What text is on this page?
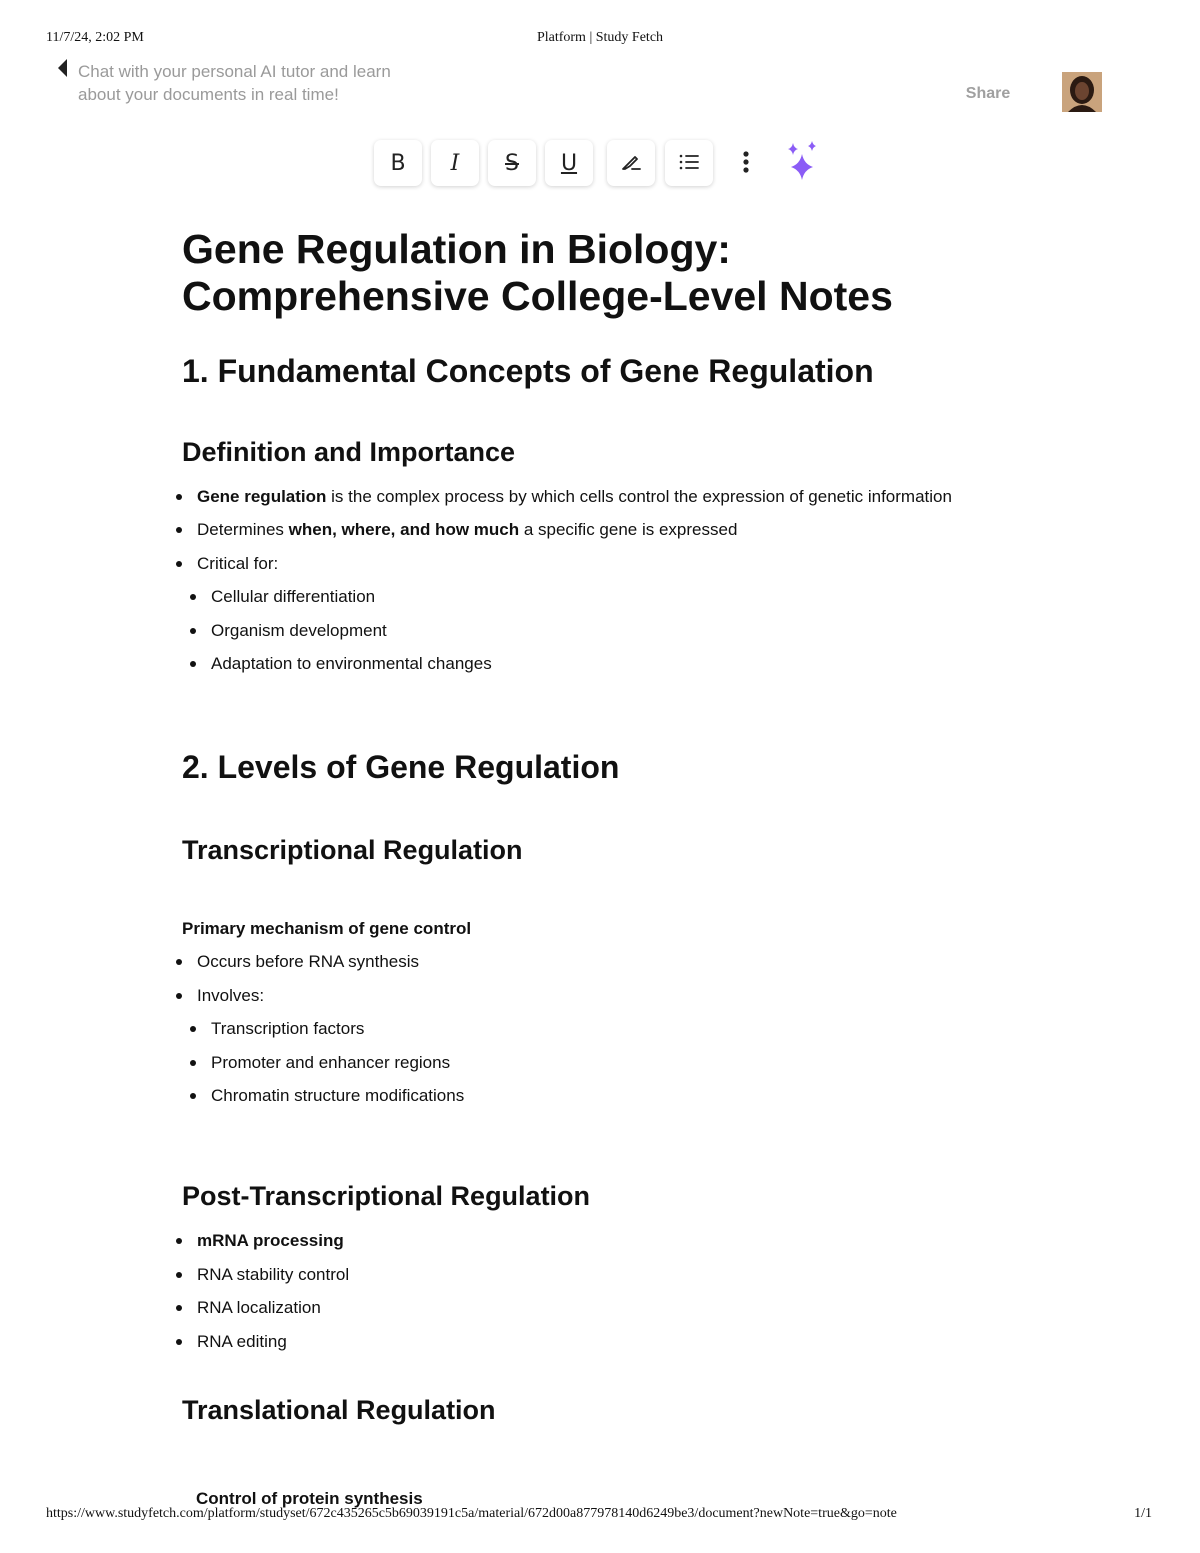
11/7/24, 2:02 PM	Platform | Study Fetch
Chat with your personal AI tutor and learn
about your documents in real time!	Share
B I S U
Gene Regulation in Biology:
Comprehensive College-Level Notes
1. Fundamental Concepts of Gene Regulation
Definition and Importance
Gene regulation is the complex process by which cells control the expression of genetic information
Determines when, where, and how much a specific gene is expressed
Critical for:
Cellular differentiation
Organism development
Adaptation to environmental changes
2. Levels of Gene Regulation
Transcriptional Regulation

Primary mechanism of gene control

Occurs before RNA synthesis
Involves:
Transcription factors
Promoter and enhancer regions
Chromatin structure modifications
Post-Transcriptional Regulation
mRNA processing
RNA stability control
RNA localization
RNA editing
Translational Regulation
Control of protein synthesis
https://www.studyfetch.com/platform/studyset/672c435265c5b69039191c5a/material/672d00a877978140d6249be3/document?newNote=true&go=note	1/1
